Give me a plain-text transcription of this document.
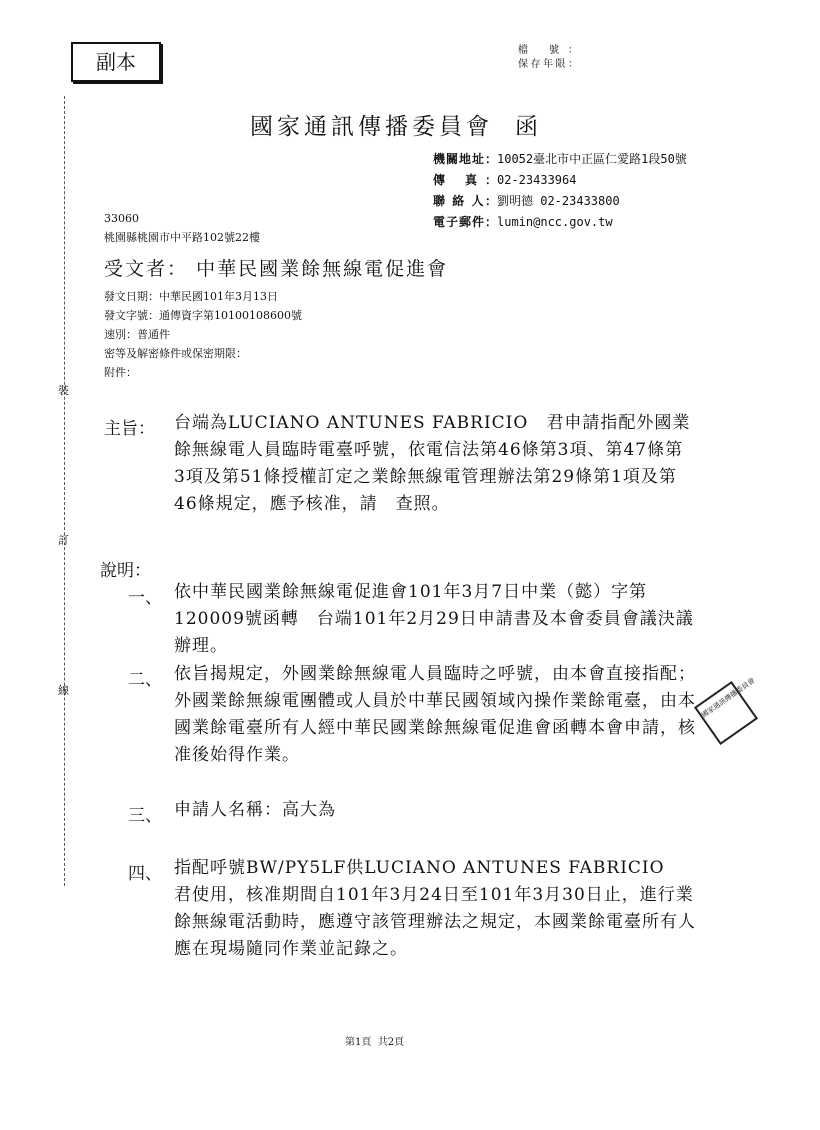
裝
訂
線
副本	檔 號：
保存年限：
國家通訊傳播委員會 函
機關地址： 10052臺北市中正區仁愛路1段50號
傳 真： 02-23433964
聯 絡 人： 劉明德 02-23433800
電子郵件： lumin@ncc.gov.tw
33060
桃園縣桃園市中平路102號22樓
受文者： 中華民國業餘無線電促進會
發文日期：中華民國101年3月13日
發文字號：通傳資字第10100108600號
速別：普通件
密等及解密條件或保密期限：
附件：
主旨： 台端為LUCIANO ANTUNES FABRICIO　君申請指配外國業餘無線電人員臨時電臺呼號，依電信法第46條第3項、第47條第3項及第51條授權訂定之業餘無線電管理辦法第29條第1項及第46條規定，應予核准，請　查照。
說明：
一、 依中華民國業餘無線電促進會101年3月7日中業（懿）字第120009號函轉　台端101年2月29日申請書及本會委員會議決議辦理。
二、 依旨揭規定，外國業餘無線電人員臨時之呼號，由本會直接指配；外國業餘無線電團體或人員於中華民國領域內操作業餘電臺，由本國業餘電臺所有人經中華民國業餘無線電促進會函轉本會申請，核准後始得作業。
三、 申請人名稱：高大為
四、 指配呼號BW/PY5LF供LUCIANO ANTUNES FABRICIO　君使用，核准期間自101年3月24日至101年3月30日止，進行業餘無線電活動時，應遵守該管理辦法之規定，本國業餘電臺所有人應在現場隨同作業並記錄之。
國家通訊傳播委員會
第1頁 共2頁
